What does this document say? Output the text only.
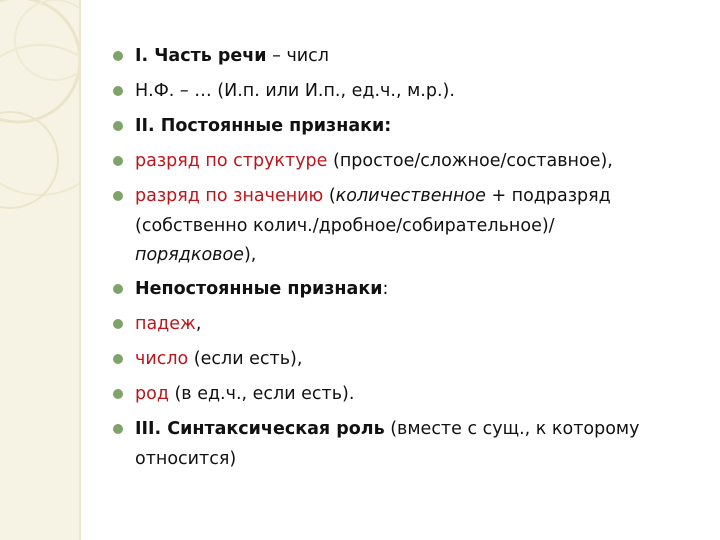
I. Часть речи – числ
Н.Ф. – … (И.п. или И.п., ед.ч., м.р.).
II. Постоянные признаки:
разряд по структуре (простое/сложное/составное),
разряд по значению (количественное + подразряд
(собственно колич./дробное/собирательное)/
порядковое),
Непостоянные признаки:
падеж,
число (если есть),
род (в ед.ч., если есть).
III. Синтаксическая роль (вместе с сущ., к которому
относится)
